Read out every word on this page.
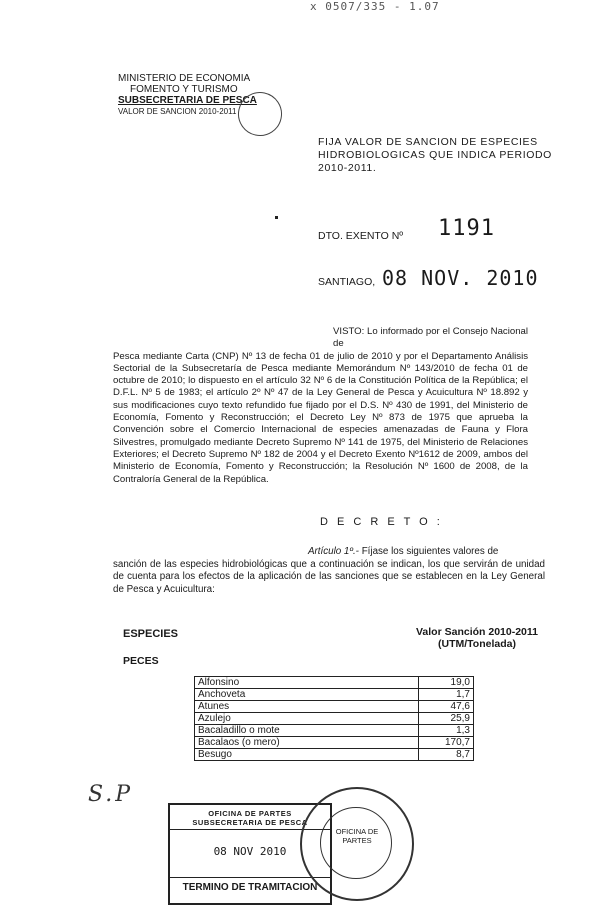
x 0507/335 - 1.07
MINISTERIO DE ECONOMIA
FOMENTO Y TURISMO
SUBSECRETARIA DE PESCA
VALOR DE SANCION 2010-2011
FIJA VALOR DE SANCION DE ESPECIES HIDROBIOLOGICAS QUE INDICA PERIODO 2010-2011.
DTO. EXENTO Nº 1191
SANTIAGO, 08 NOV. 2010
VISTO: Lo informado por el Consejo Nacional de
Pesca mediante Carta (CNP) Nº 13 de fecha 01 de julio de 2010 y por el Departamento Análisis Sectorial de la Subsecretaría de Pesca mediante Memorándum Nº 143/2010 de fecha 01 de octubre de 2010; lo dispuesto en el artículo 32 Nº 6 de la Constitución Política de la República; el D.F.L. Nº 5 de 1983; el artículo 2º Nº 47 de la Ley General de Pesca y Acuicultura Nº 18.892 y sus modificaciones cuyo texto refundido fue fijado por el D.S. Nº 430 de 1991, del Ministerio de Economía, Fomento y Reconstrucción; el Decreto Ley Nº 873 de 1975 que aprueba la Convención sobre el Comercio Internacional de especies amenazadas de Fauna y Flora Silvestres, promulgado mediante Decreto Supremo Nº 141 de 1975, del Ministerio de Relaciones Exteriores; el Decreto Supremo Nº 182 de 2004 y el Decreto Exento Nº1612 de 2009, ambos del Ministerio de Economía, Fomento y Reconstrucción; la Resolución Nº 1600 de 2008, de la Contraloría General de la República.
D E C R E T O :
Artículo 1º.- Fíjase los siguientes valores de
sanción de las especies hidrobiológicas que a continuación se indican, los que servirán de unidad de cuenta para los efectos de la aplicación de las sanciones que se establecen en la Ley General de Pesca y Acuicultura:
ESPECIES	Valor Sanción 2010-2011
(UTM/Tonelada)
PECES
Alfonsino	19,0
Anchoveta	1,7
Atunes	47,6
Azulejo	25,9
Bacaladillo o mote	1,3
Bacalaos (o mero)	170,7
Besugo	8,7
S.P
OFICINA DE PARTES
SUBSECRETARIA DE PESCA
08 NOV 2010
TERMINO DE TRAMITACION
OFICINA DE PARTES
